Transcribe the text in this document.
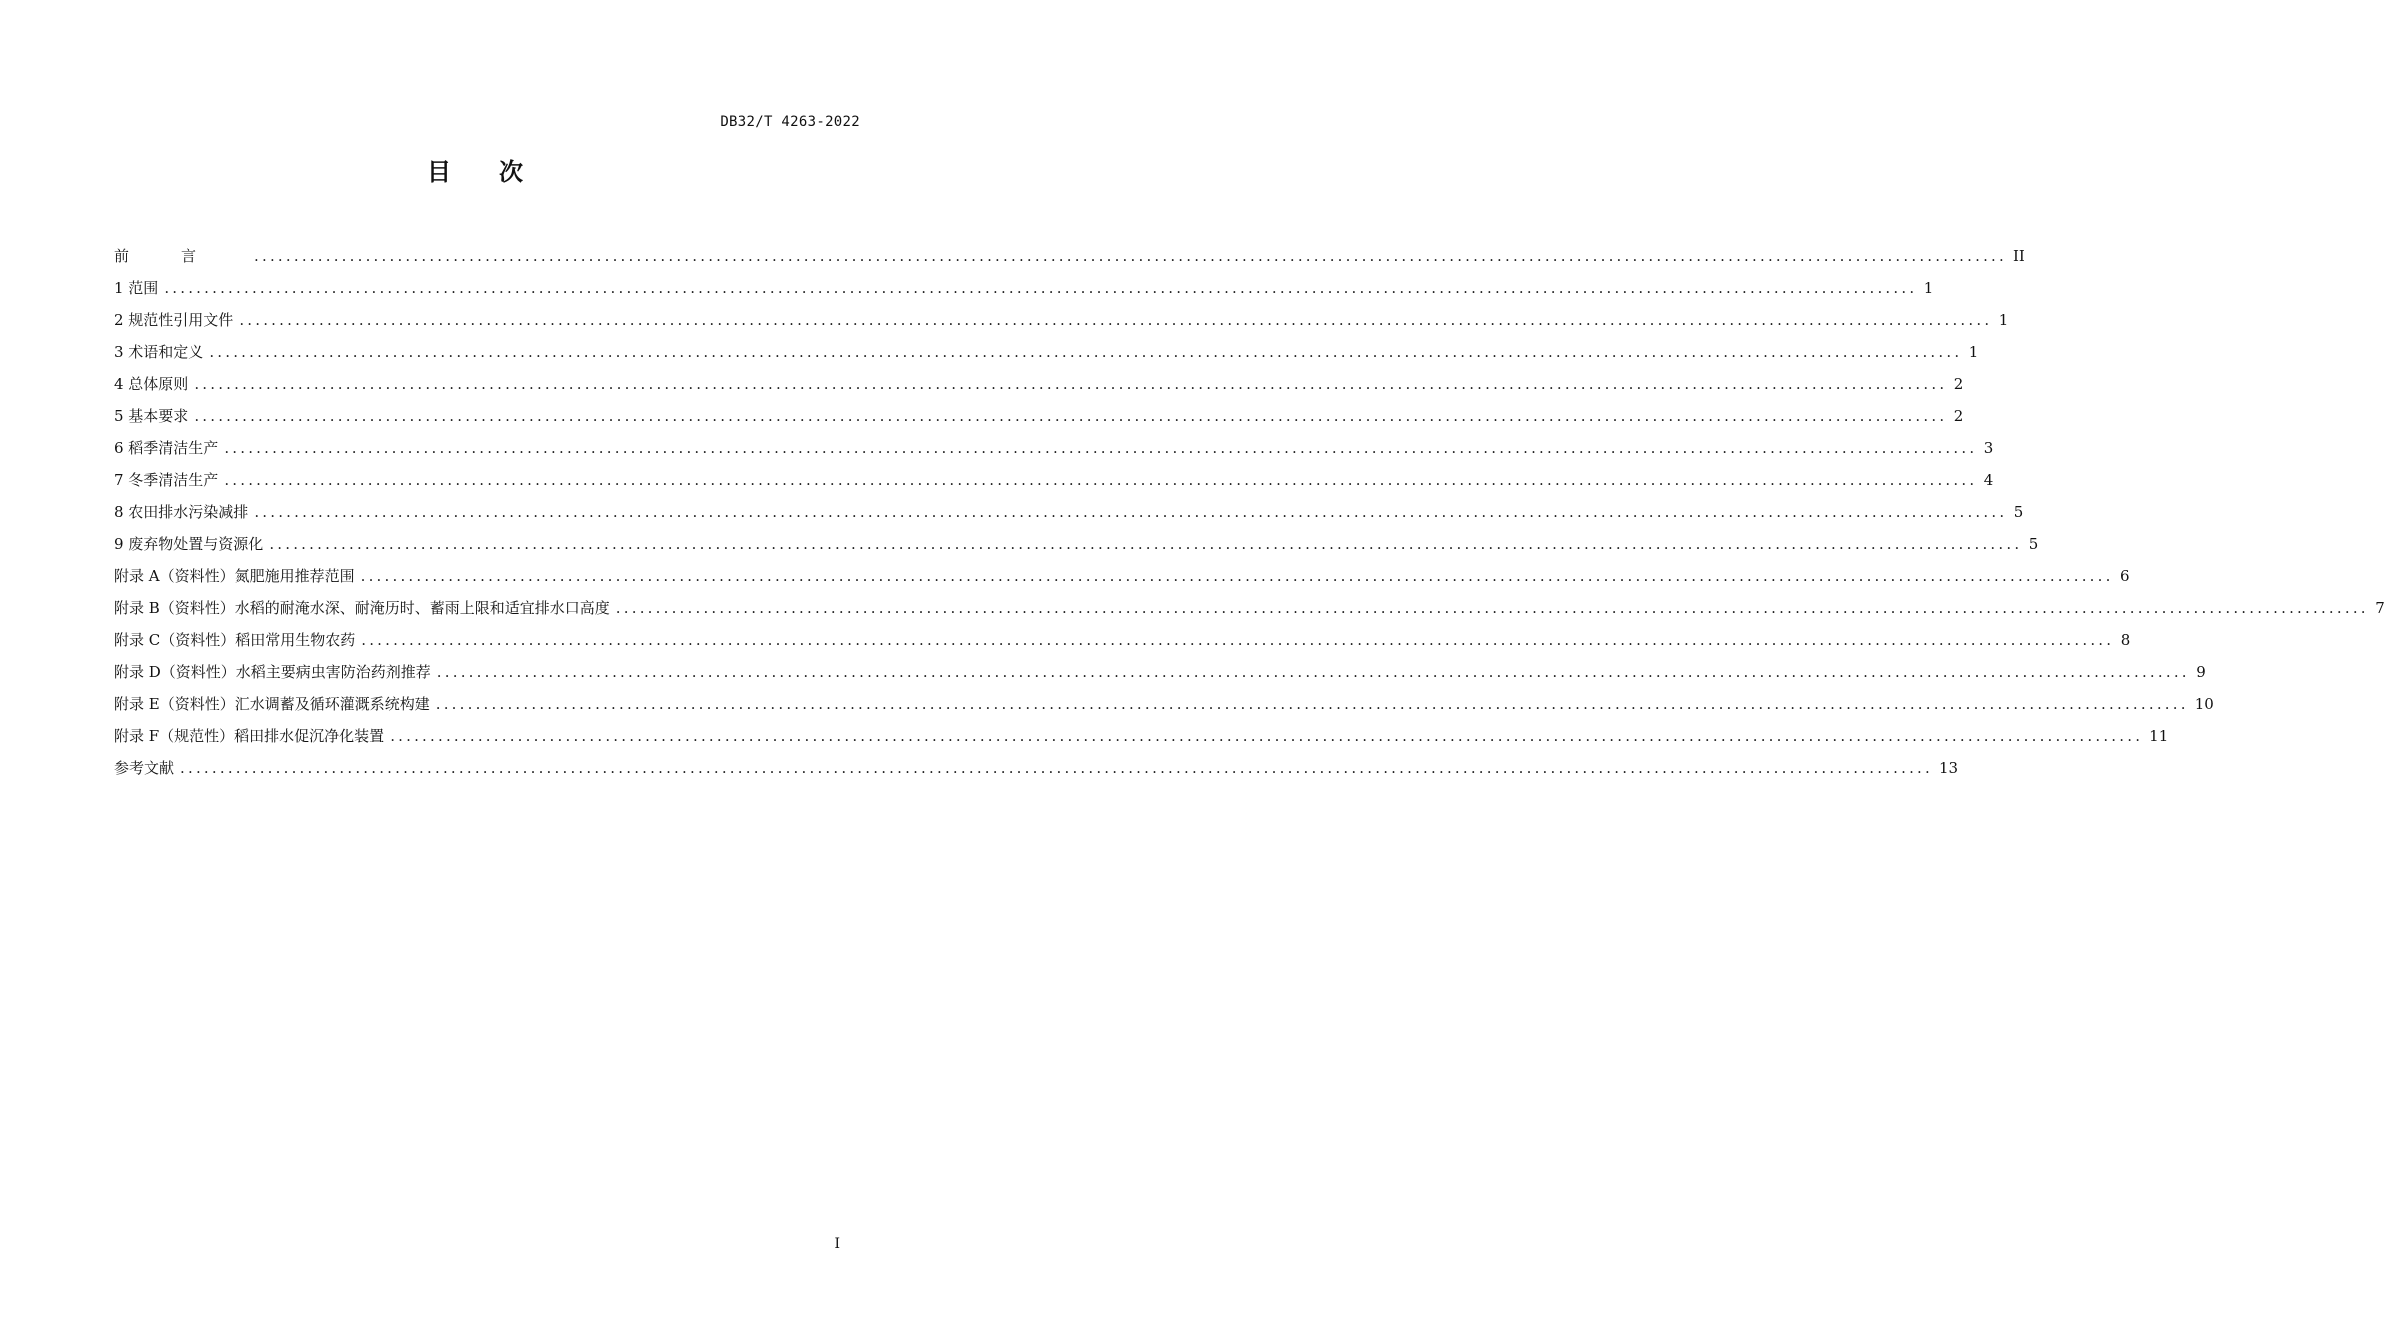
DB32/T 4263-2022
目次
前言 ............................................................................................................................................................................................................................ II
1 范围 ............................................................................................................................................................................................................................ 1
2 规范性引用文件 ............................................................................................................................................................................................................................ 1
3 术语和定义 ............................................................................................................................................................................................................................ 1
4 总体原则 ............................................................................................................................................................................................................................ 2
5 基本要求 ............................................................................................................................................................................................................................ 2
6 稻季清洁生产 ............................................................................................................................................................................................................................ 3
7 冬季清洁生产 ............................................................................................................................................................................................................................ 4
8 农田排水污染减排 ............................................................................................................................................................................................................................ 5
9 废弃物处置与资源化 ............................................................................................................................................................................................................................ 5
附录 A（资料性）氮肥施用推荐范围 ............................................................................................................................................................................................................................ 6
附录 B（资料性）水稻的耐淹水深、耐淹历时、蓄雨上限和适宜排水口高度 ............................................................................................................................................................................................................................ 7
附录 C（资料性）稻田常用生物农药 ............................................................................................................................................................................................................................ 8
附录 D（资料性）水稻主要病虫害防治药剂推荐 ............................................................................................................................................................................................................................ 9
附录 E（资料性）汇水调蓄及循环灌溉系统构建 ............................................................................................................................................................................................................................ 10
附录 F（规范性）稻田排水促沉净化装置 ............................................................................................................................................................................................................................ 11
参考文献 ............................................................................................................................................................................................................................ 13
I
